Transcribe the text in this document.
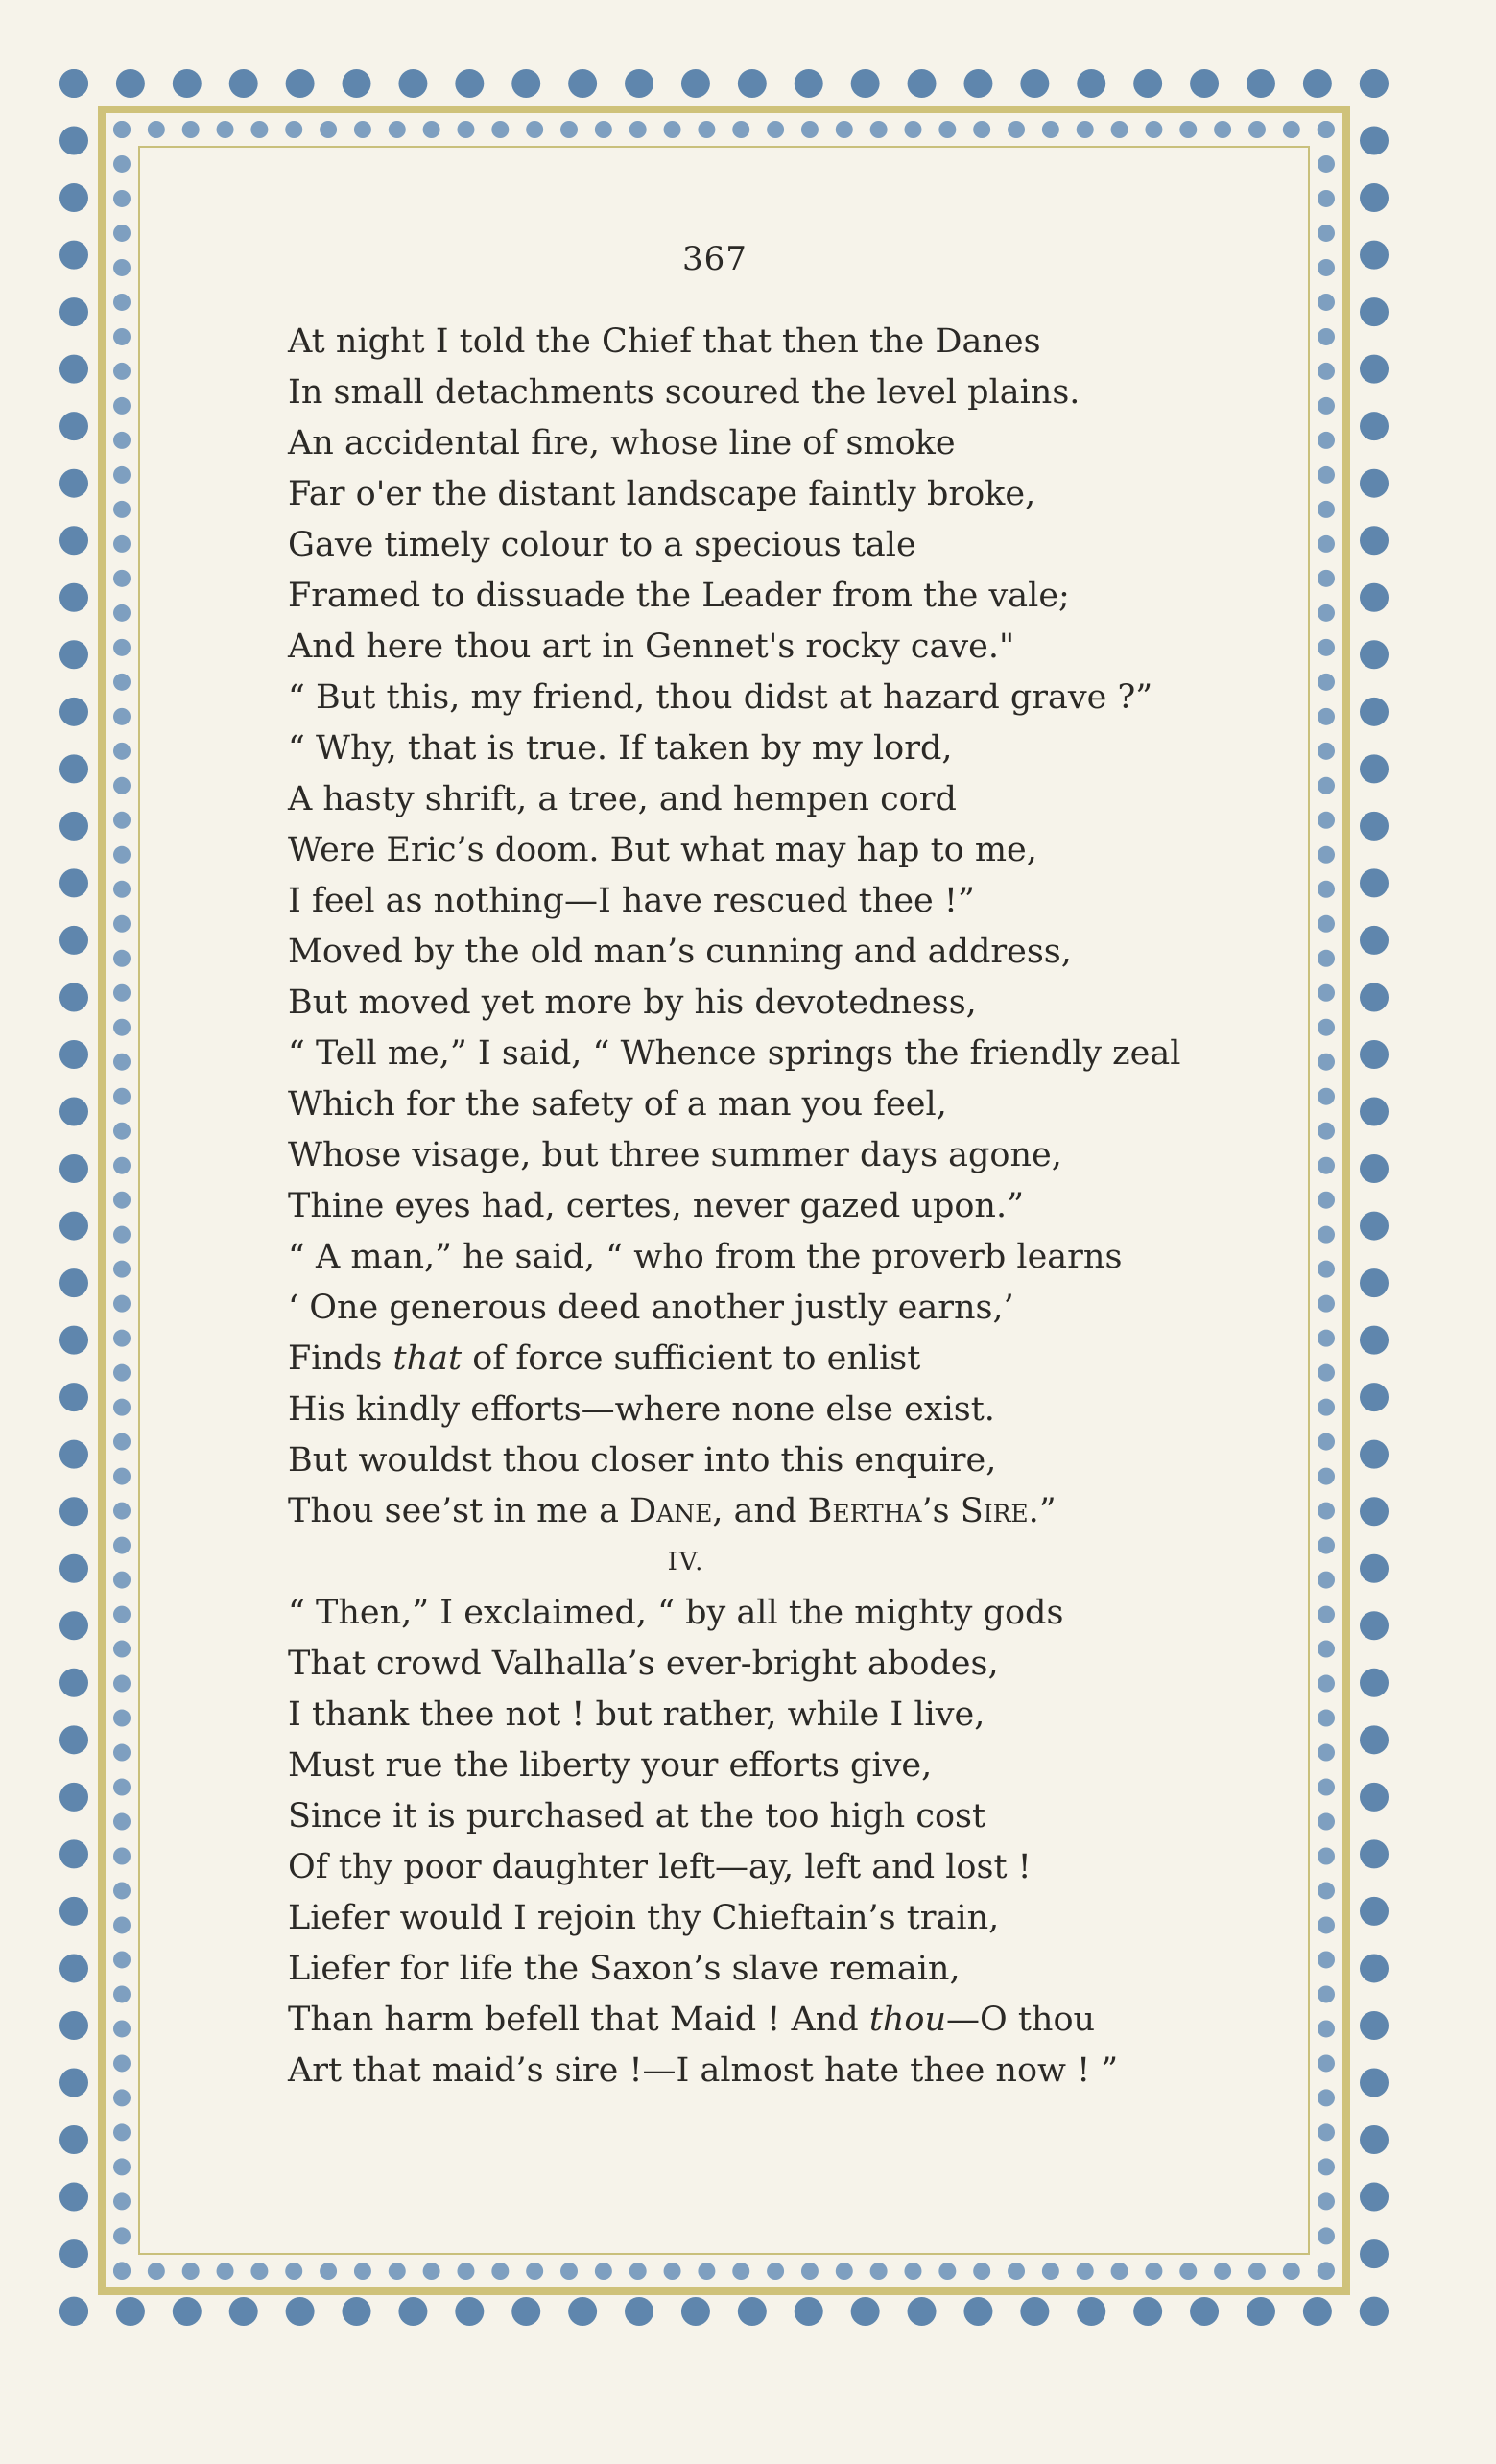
367
At night I told the Chief that then the Danes
In small detachments scoured the level plains.
An accidental fire, whose line of smoke
Far o'er the distant landscape faintly broke,
Gave timely colour to a specious tale
Framed to dissuade the Leader from the vale;
And here thou art in Gennet's rocky cave."
“ But this, my friend, thou didst at hazard grave ?”
“ Why, that is true. If taken by my lord,
A hasty shrift, a tree, and hempen cord
Were Eric’s doom. But what may hap to me,
I feel as nothing—I have rescued thee !”
Moved by the old man’s cunning and address,
But moved yet more by his devotedness,
“ Tell me,” I said, “ Whence springs the friendly zeal
Which for the safety of a man you feel,
Whose visage, but three summer days agone,
Thine eyes had, certes, never gazed upon.”
“ A man,” he said, “ who from the proverb learns
‘ One generous deed another justly earns,’
Finds that of force sufficient to enlist
His kindly efforts—where none else exist.
But wouldst thou closer into this enquire,
Thou see’st in me a Dane, and Bertha’s Sire.”
IV.
“ Then,” I exclaimed, “ by all the mighty gods
That crowd Valhalla’s ever-bright abodes,
I thank thee not ! but rather, while I live,
Must rue the liberty your efforts give,
Since it is purchased at the too high cost
Of thy poor daughter left—ay, left and lost !
Liefer would I rejoin thy Chieftain’s train,
Liefer for life the Saxon’s slave remain,
Than harm befell that Maid ! And thou—O thou
Art that maid’s sire !—I almost hate thee now ! ”
